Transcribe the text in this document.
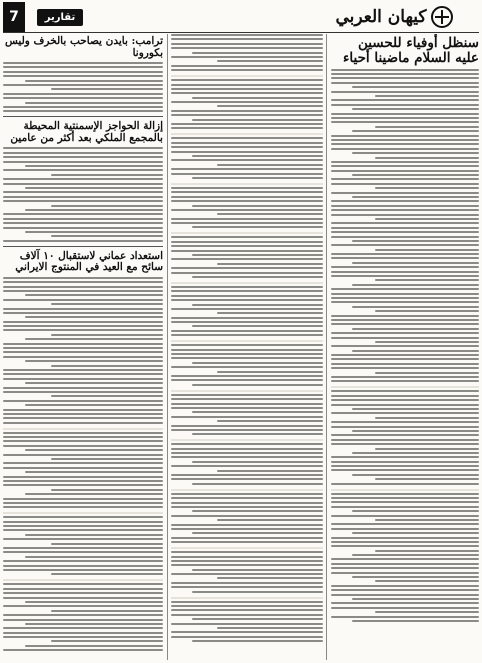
كيهان العربي
تقارير
7
سنظل أوفياء للحسين عليه السلام ماضينا أحياء
ترامب: بايدن يصاحب بالخرف وليس بكورونا
إزالة الحواجز الإسمنتية المحيطة بالمجمع الملكي بعد أكثر من عامين
استعداد عماني لاستقبال ١٠ آلاف سائح مع العيد في المنتوج الايراني
